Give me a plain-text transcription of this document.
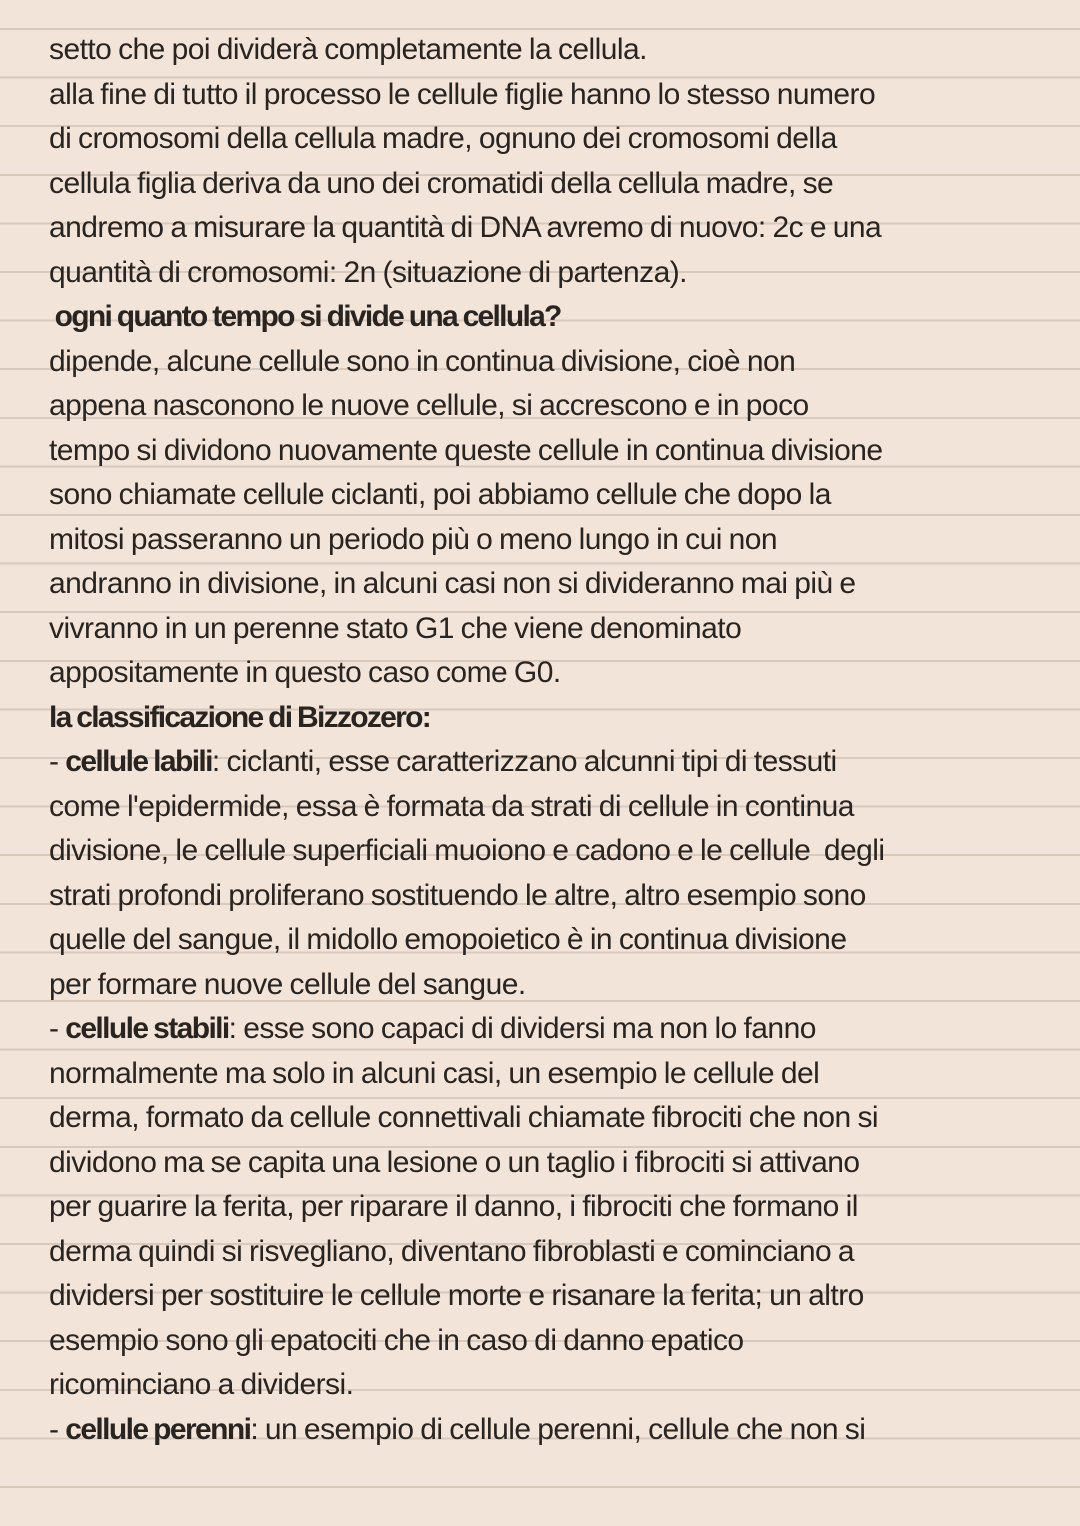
setto che poi dividerà completamente la cellula.
alla fine di tutto il processo le cellule figlie hanno lo stesso numero
di cromosomi della cellula madre, ognuno dei cromosomi della
cellula figlia deriva da uno dei cromatidi della cellula madre, se
andremo a misurare la quantità di DNA avremo di nuovo: 2c e una
quantità di cromosomi: 2n (situazione di partenza).
ogni quanto tempo si divide una cellula?
dipende, alcune cellule sono in continua divisione, cioè non
appena nasconono le nuove cellule, si accrescono e in poco
tempo si dividono nuovamente queste cellule in continua divisione
sono chiamate cellule ciclanti, poi abbiamo cellule che dopo la
mitosi passeranno un periodo più o meno lungo in cui non
andranno in divisione, in alcuni casi non si divideranno mai più e
vivranno in un perenne stato G1 che viene denominato
appositamente in questo caso come G0.
la classificazione di Bizzozero:
- cellule labili: ciclanti, esse caratterizzano alcunni tipi di tessuti
come l'epidermide, essa è formata da strati di cellule in continua
divisione, le cellule superficiali muoiono e cadono e le cellule  degli
strati profondi proliferano sostituendo le altre, altro esempio sono
quelle del sangue, il midollo emopoietico è in continua divisione
per formare nuove cellule del sangue.
- cellule stabili: esse sono capaci di dividersi ma non lo fanno
normalmente ma solo in alcuni casi, un esempio le cellule del
derma, formato da cellule connettivali chiamate fibrociti che non si
dividono ma se capita una lesione o un taglio i fibrociti si attivano
per guarire la ferita, per riparare il danno, i fibrociti che formano il
derma quindi si risvegliano, diventano fibroblasti e cominciano a
dividersi per sostituire le cellule morte e risanare la ferita; un altro
esempio sono gli epatociti che in caso di danno epatico
ricominciano a dividersi.
- cellule perenni: un esempio di cellule perenni, cellule che non si
